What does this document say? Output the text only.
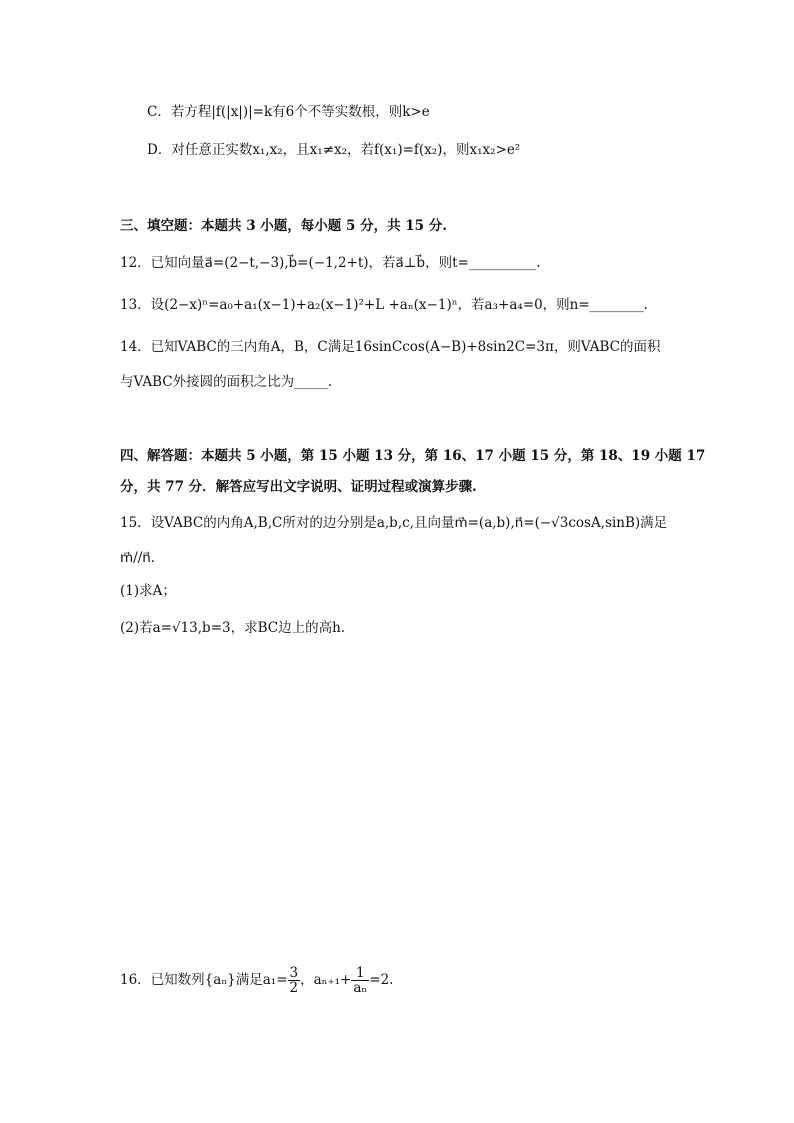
C．若方程|f(|x|)|=k有6个不等实数根，则k>e
D．对任意正实数x₁,x₂，且x₁≠x₂，若f(x₁)=f(x₂)，则x₁x₂>e²
三、填空题：本题共 3 小题，每小题 5 分，共 15 分.
12．已知向量a⃗=(2−t,−3),b⃗=(−1,2+t)，若a⃗⊥b⃗，则t=__________.
13．设(2−x)ⁿ=a₀+a₁(x−1)+a₂(x−1)²+L +aₙ(x−1)ⁿ，若a₃+a₄=0，则n=________.
14．已知VABC的三内角A，B，C满足16sinCcos(A−B)+8sin2C=3π，则VABC的面积
与VABC外接圆的面积之比为_____.
四、解答题：本题共 5 小题，第 15 小题 13 分，第 16、17 小题 15 分，第 18、19 小题 17
分，共 77 分．解答应写出文字说明、证明过程或演算步骤.
15．设VABC的内角A,B,C所对的边分别是a,b,c,且向量m⃗=(a,b),n⃗=(−√3cosA,sinB)满足
m⃗//n⃗.
(1)求A；
(2)若a=√13,b=3，求BC边上的高h.
16．已知数列{aₙ}满足$a_1= \frac{3}{2}$ ，$a_{n+1}+ \frac{1}{\text{aₙ}} =2$.
